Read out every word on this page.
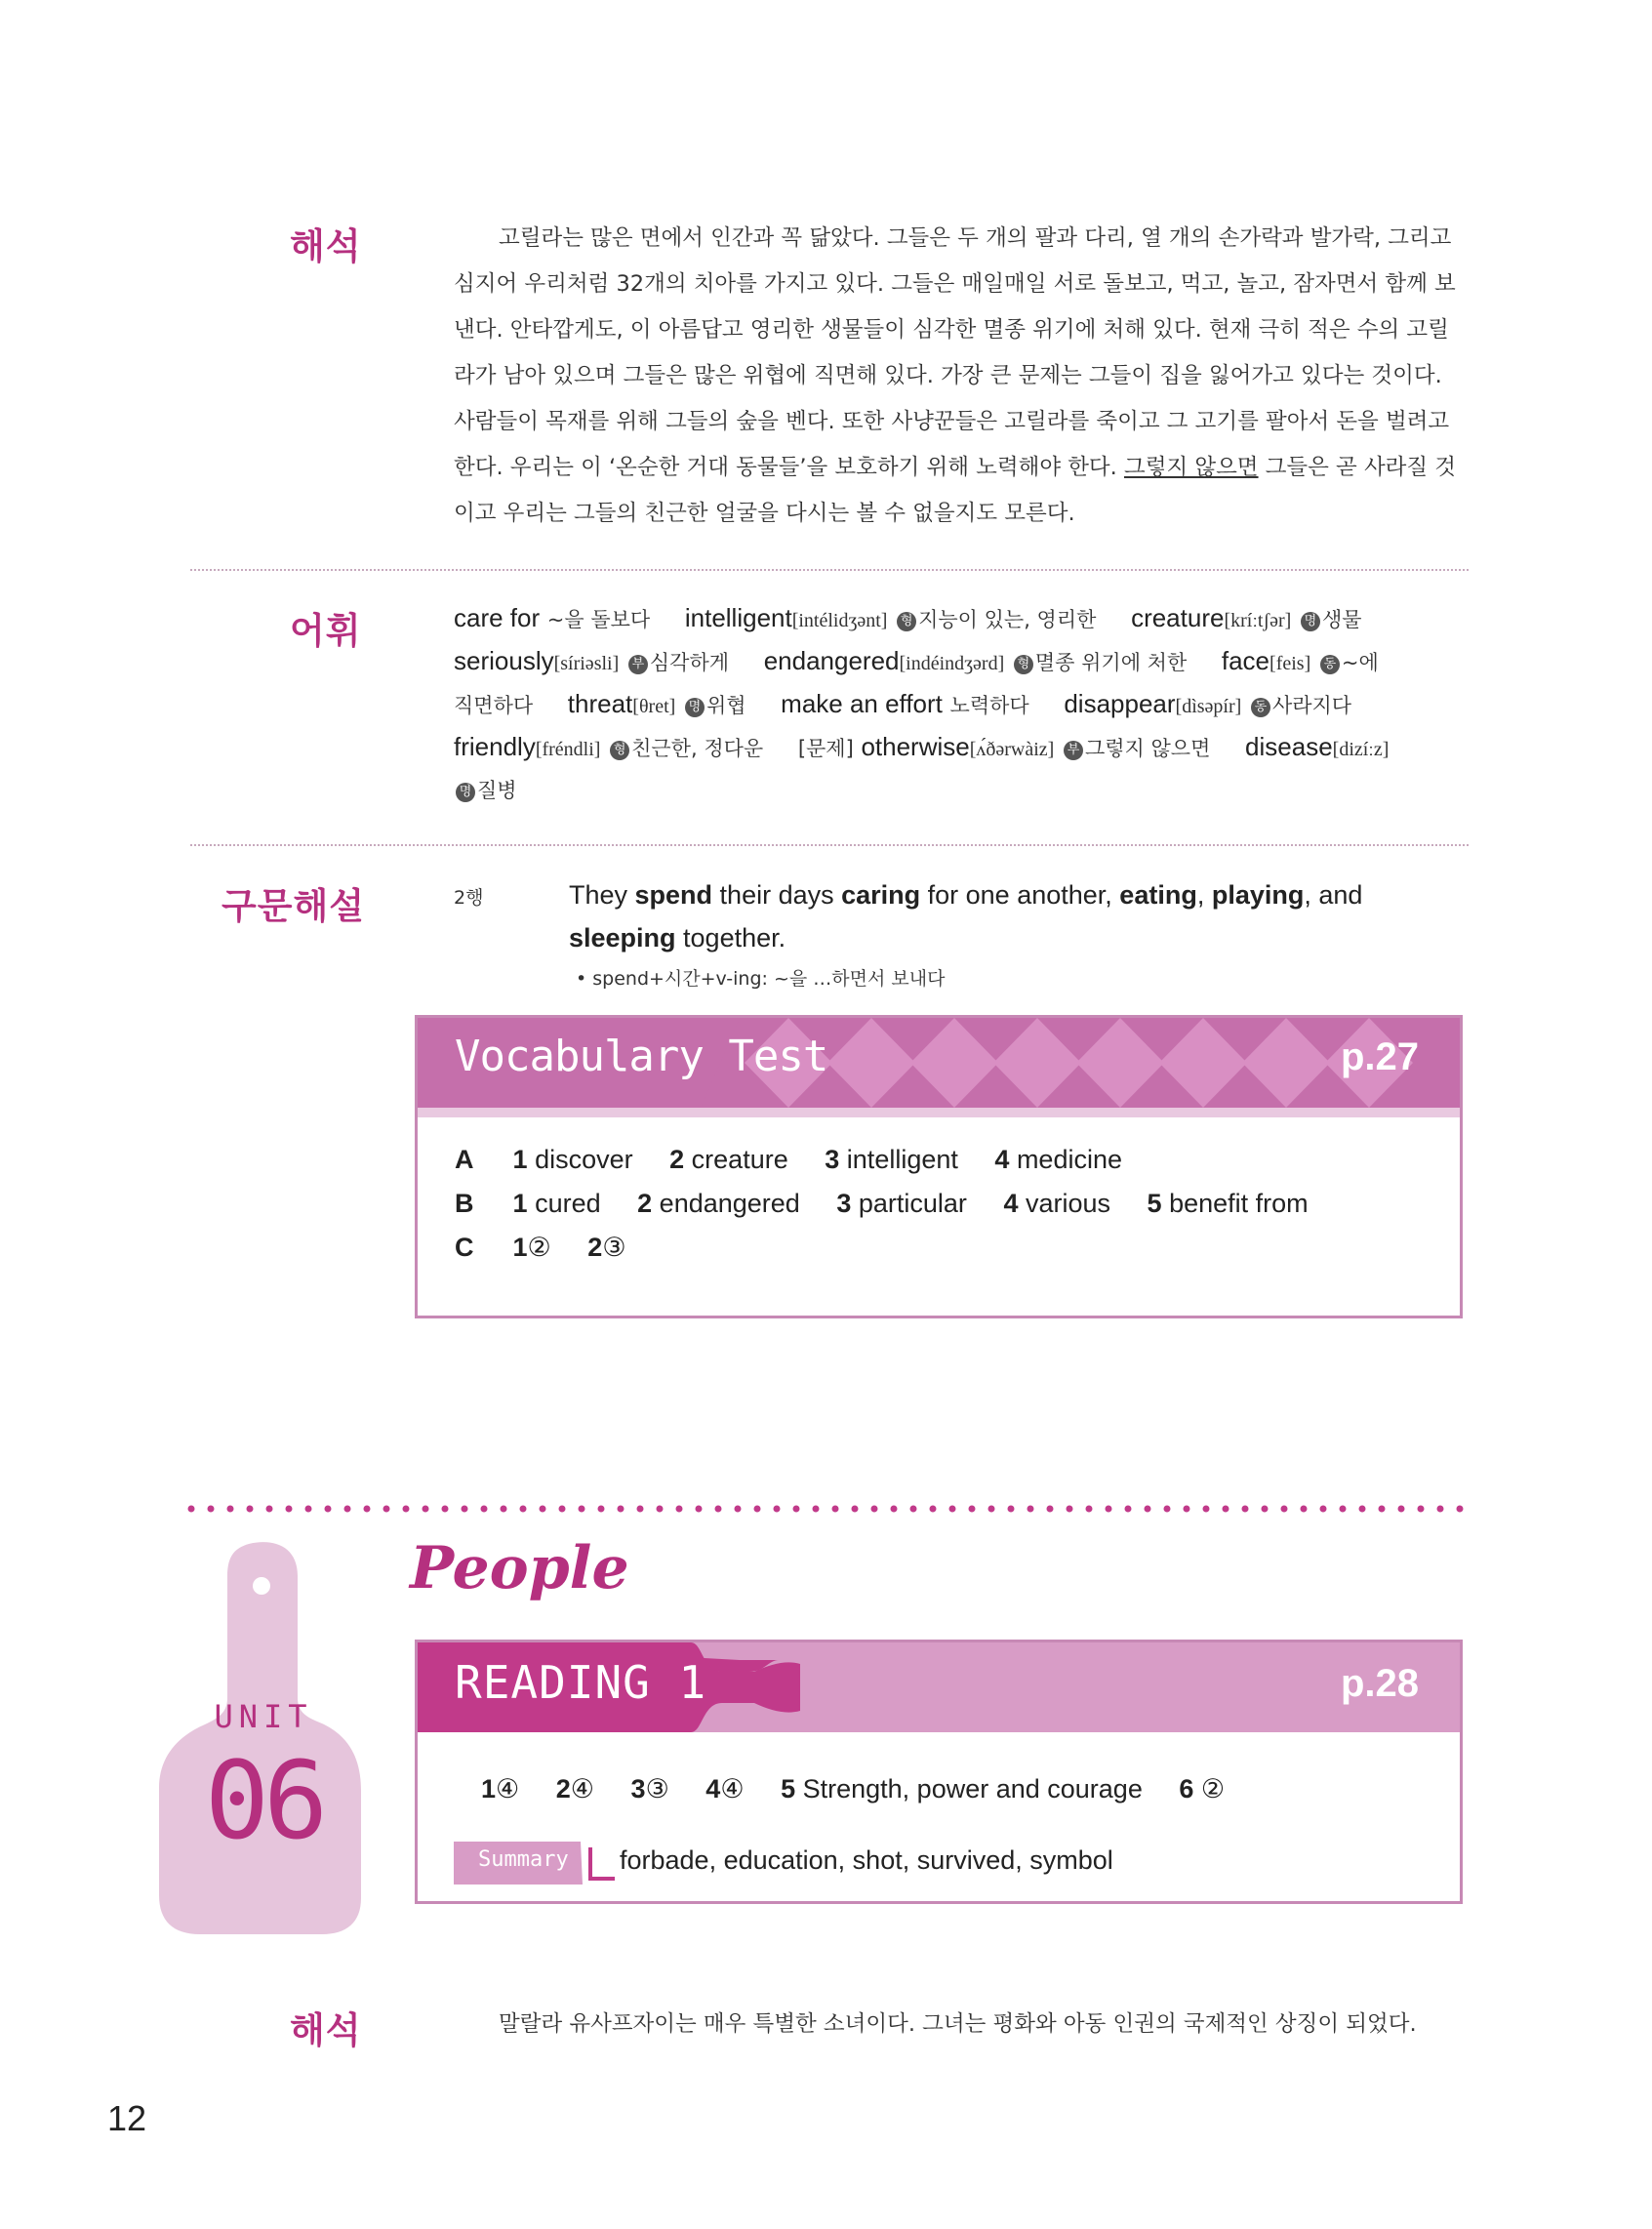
해석	고릴라는 많은 면에서 인간과 꼭 닮았다. 그들은 두 개의 팔과 다리, 열 개의 손가락과 발가락, 그리고
심지어 우리처럼 32개의 치아를 가지고 있다. 그들은 매일매일 서로 돌보고, 먹고, 놀고, 잠자면서 함께 보
낸다. 안타깝게도, 이 아름답고 영리한 생물들이 심각한 멸종 위기에 처해 있다. 현재 극히 적은 수의 고릴
라가 남아 있으며 그들은 많은 위협에 직면해 있다. 가장 큰 문제는 그들이 집을 잃어가고 있다는 것이다.
사람들이 목재를 위해 그들의 숲을 벤다. 또한 사냥꾼들은 고릴라를 죽이고 그 고기를 팔아서 돈을 벌려고
한다. 우리는 이 ‘온순한 거대 동물들’을 보호하기 위해 노력해야 한다. 그렇지 않으면 그들은 곧 사라질 것
이고 우리는 그들의 친근한 얼굴을 다시는 볼 수 없을지도 모른다.
어휘	care for ~을 돌보다 intelligent[intélidʒənt] 형 지능이 있는, 영리한 creature[kríːtʃər] 명 생물
seriously[síriəsli] 부 심각하게 endangered[indéindʒərd] 형 멸종 위기에 처한 face[feis] 동 ~에
직면하다 threat[θret] 명 위협 make an effort 노력하다 disappear[dìsəpír] 동 사라지다
friendly[fréndli] 형 친근한, 정다운 [문제] otherwise[ʌ́ðərwàiz] 부 그렇지 않으면 disease[dizíːz]
명 질병
구문해설	2행	They spend their days caring for one another, eating, playing, and
sleeping together.
• spend+시간+v-ing: ~을 …하면서 보내다
Vocabulary Test	p.27
A 1 discover 2 creature 3 intelligent 4 medicine
B 1 cured 2 endangered 3 particular 4 various 5 benefit from
C 1② 2③
UNIT
06
People
READING 1	p.28
1④ 2④ 3③ 4④ 5 Strength, power and courage 6 ②
Summary forbade, education, shot, survived, symbol
해석	말랄라 유사프자이는 매우 특별한 소녀이다. 그녀는 평화와 아동 인권의 국제적인 상징이 되었다.
12
